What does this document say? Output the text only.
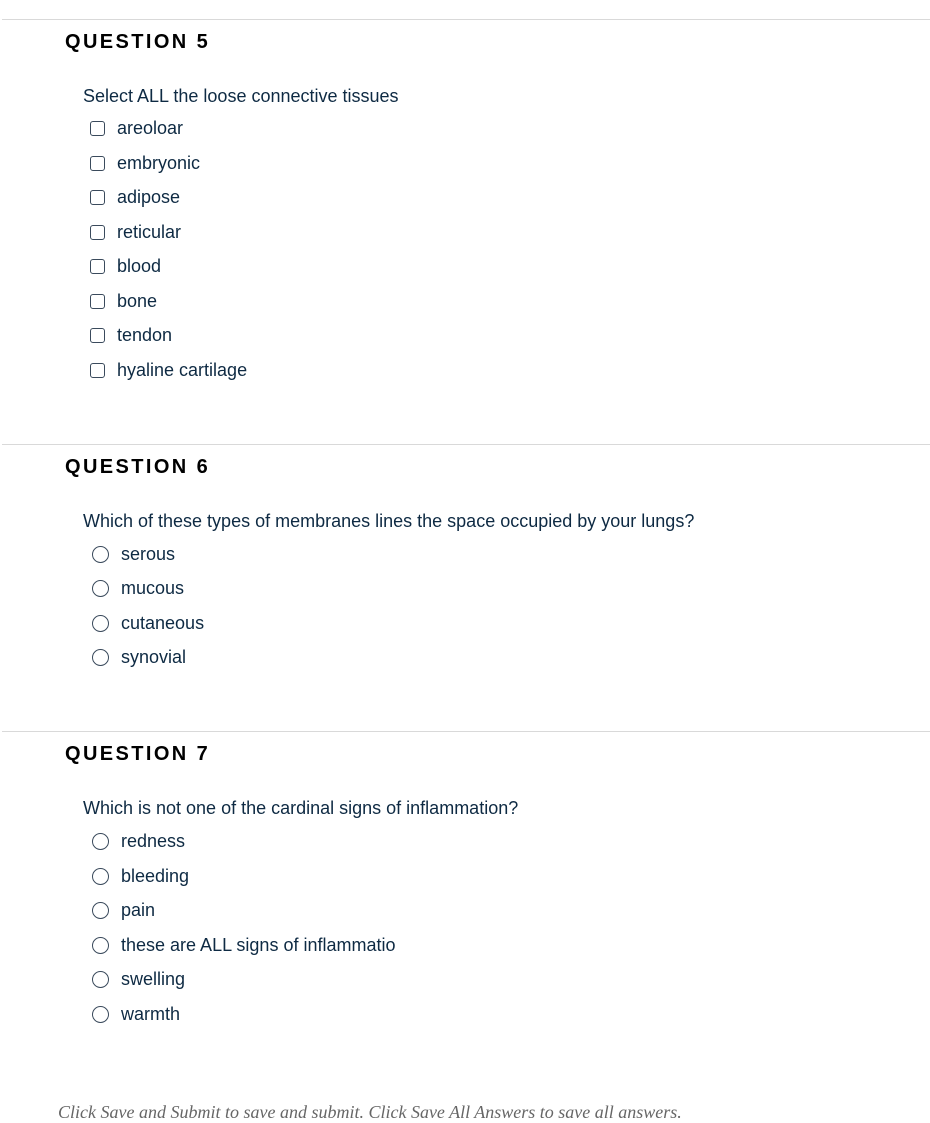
QUESTION 5
Select ALL the loose connective tissues
areoloar
embryonic
adipose
reticular
blood
bone
tendon
hyaline cartilage
QUESTION 6
Which of these types of membranes lines the space occupied by your lungs?
serous
mucous
cutaneous
synovial
QUESTION 7
Which is not one of the cardinal signs of inflammation?
redness
bleeding
pain
these are ALL signs of inflammatio
swelling
warmth
Click Save and Submit to save and submit. Click Save All Answers to save all answers.
